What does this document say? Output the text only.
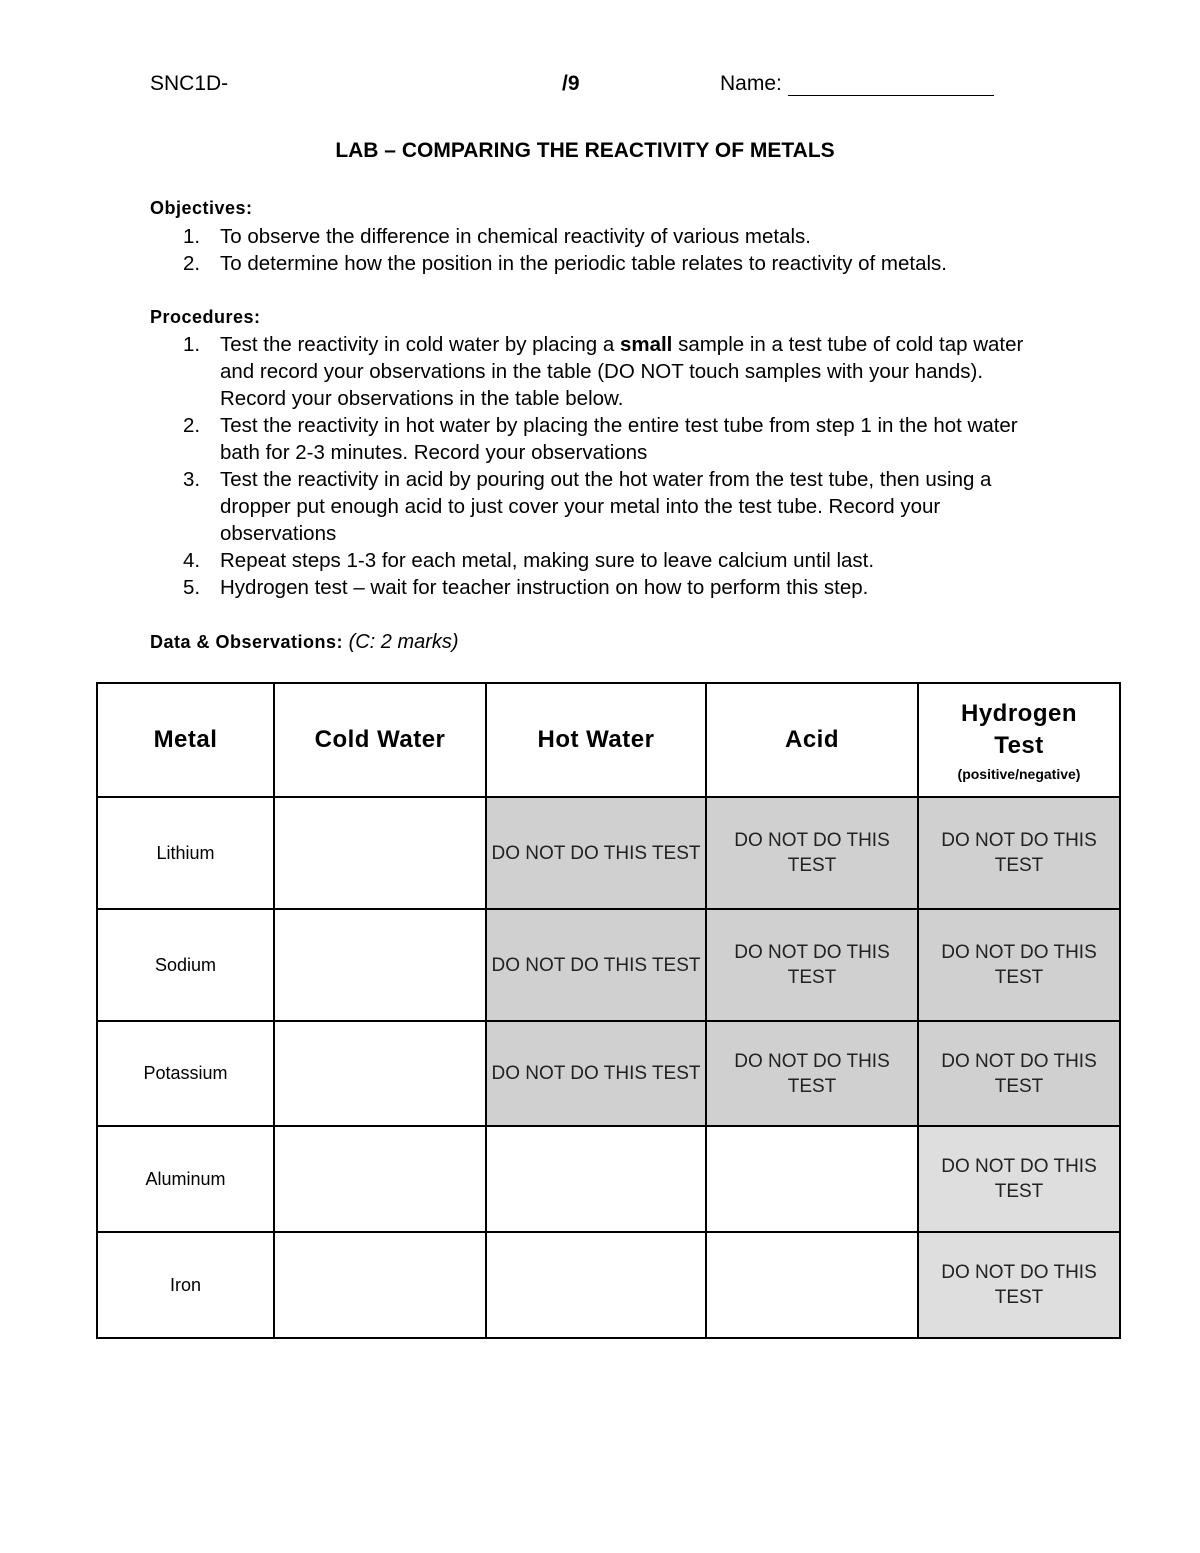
SNC1D-	/9	Name:
LAB – COMPARING THE REACTIVITY OF METALS
Objectives:
1. To observe the difference in chemical reactivity of various metals.
2. To determine how the position in the periodic table relates to reactivity of metals.
Procedures:
1. Test the reactivity in cold water by placing a small sample in a test tube of cold tap water and record your observations in the table (DO NOT touch samples with your hands). Record your observations in the table below.
2. Test the reactivity in hot water by placing the entire test tube from step 1 in the hot water bath for 2-3 minutes. Record your observations
3. Test the reactivity in acid by pouring out the hot water from the test tube, then using a dropper put enough acid to just cover your metal into the test tube. Record your observations
4. Repeat steps 1-3 for each metal, making sure to leave calcium until last.
5. Hydrogen test – wait for teacher instruction on how to perform this step.
Data & Observations: (C: 2 marks)
Metal	Cold Water	Hot Water	Acid	Hydrogen Test
(positive/negative)

Lithium		DO NOT DO THIS TEST	DO NOT DO THIS TEST	DO NOT DO THIS TEST
Sodium		DO NOT DO THIS TEST	DO NOT DO THIS TEST	DO NOT DO THIS TEST
Potassium		DO NOT DO THIS TEST	DO NOT DO THIS TEST	DO NOT DO THIS TEST
Aluminum				DO NOT DO THIS TEST
Iron				DO NOT DO THIS TEST
